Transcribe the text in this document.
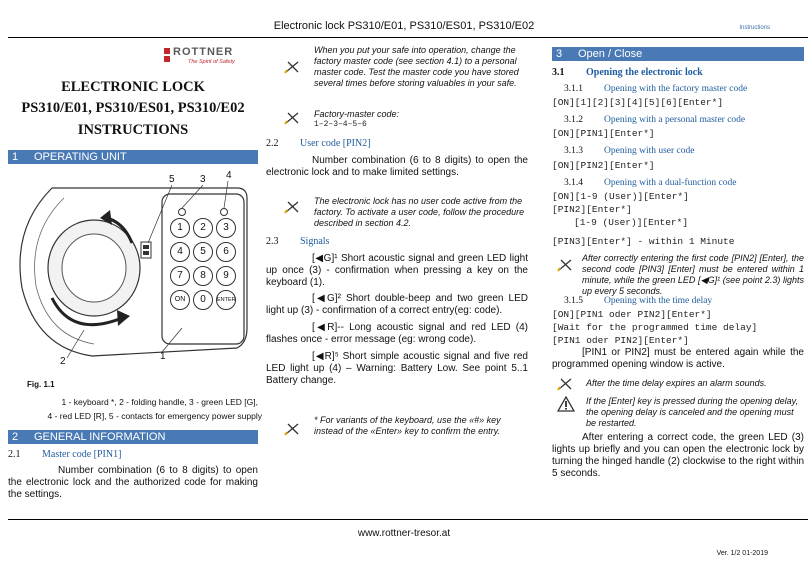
Electronic lock PS310/E01, PS310/ES01, PS310/E02	Instructions
ROTTNER
The Spirit of Safety
ELECTRONIC LOCK
PS310/E01, PS310/ES01, PS310/E02
INSTRUCTIONS
1 OPERATING UNIT
1	2	3
4	5	6
7	8	9
ON	0	ENTER
5	3 4
2	1
Fig. 1.1
1 - keyboard *, 2 - folding handle, 3 - green LED [G],
4 - red LED [R], 5 - contacts for emergency power supply
2 GENERAL INFORMATION
2.1 Master code [PIN1]
Number combination (6 to 8 digits) to open the electronic lock and the authorized code for making the settings.
When you put your safe into operation, change the factory master code (see section 4.1) to a personal master code. Test the master code you have stored several times before storing valuables in your safe.
Factory-master code:
1–2–3–4–5–6
2.2 User code [PIN2]
Number combination (6 to 8 digits) to open the electronic lock and to make limited settings.
The electronic lock has no user code active from the factory. To activate a user code, follow the procedure described in section 4.2.
2.3 Signals
[◀G]¹ Short acoustic signal and green LED light up once (3) - confirmation when pressing a key on the keyboard (1).
[◀G]² Short double-beep and two green LED light up (3) - confirmation of a correct entry(eg: code).
[◀R]-- Long acoustic signal and red LED (4) flashes once - error message (eg: wrong code).
[◀R]⁵ Short simple acoustic signal and five red LED light up (4) – Warning: Battery Low. See point 5..1 Battery change.
* For variants of the keyboard, use the «#» key instead of the «Enter» key to confirm the entry.
3 Open / Close
3.1 Opening the electronic lock
3.1.1 Opening with the factory master code
[ON][1][2][3][4][5][6][Enter*]
3.1.2 Opening with a personal master code
[ON][PIN1][Enter*]
3.1.3 Opening with user code
[ON][PIN2][Enter*]
3.1.4 Opening with a dual-function code
[ON][1-9 (User)][Enter*]
[PIN2][Enter*]
[1-9 (User)][Enter*]
[PIN3][Enter*] - within 1 Minute
After correctly entering the first code [PIN2] [Enter], the second code [PIN3] [Enter] must be entered within 1 minute, while the green LED [◀G]¹ (see point 2.3) lights up every 5 seconds.
3.1.5 Opening with the time delay
[ON][PIN1 oder PIN2][Enter*]
[Wait for the programmed time delay]
[PIN1 oder PIN2][Enter*]
[PIN1 or PIN2] must be entered again while the programmed opening window is active.
After the time delay expires an alarm sounds.
If the [Enter] key is pressed during the opening delay, the opening delay is canceled and the opening must be restarted.
After entering a correct code, the green LED (3) lights up briefly and you can open the electronic lock by turning the hinged handle (2) clockwise to the right within 5 seconds.
www.rottner-tresor.at
Ver. 1/2 01-2019
